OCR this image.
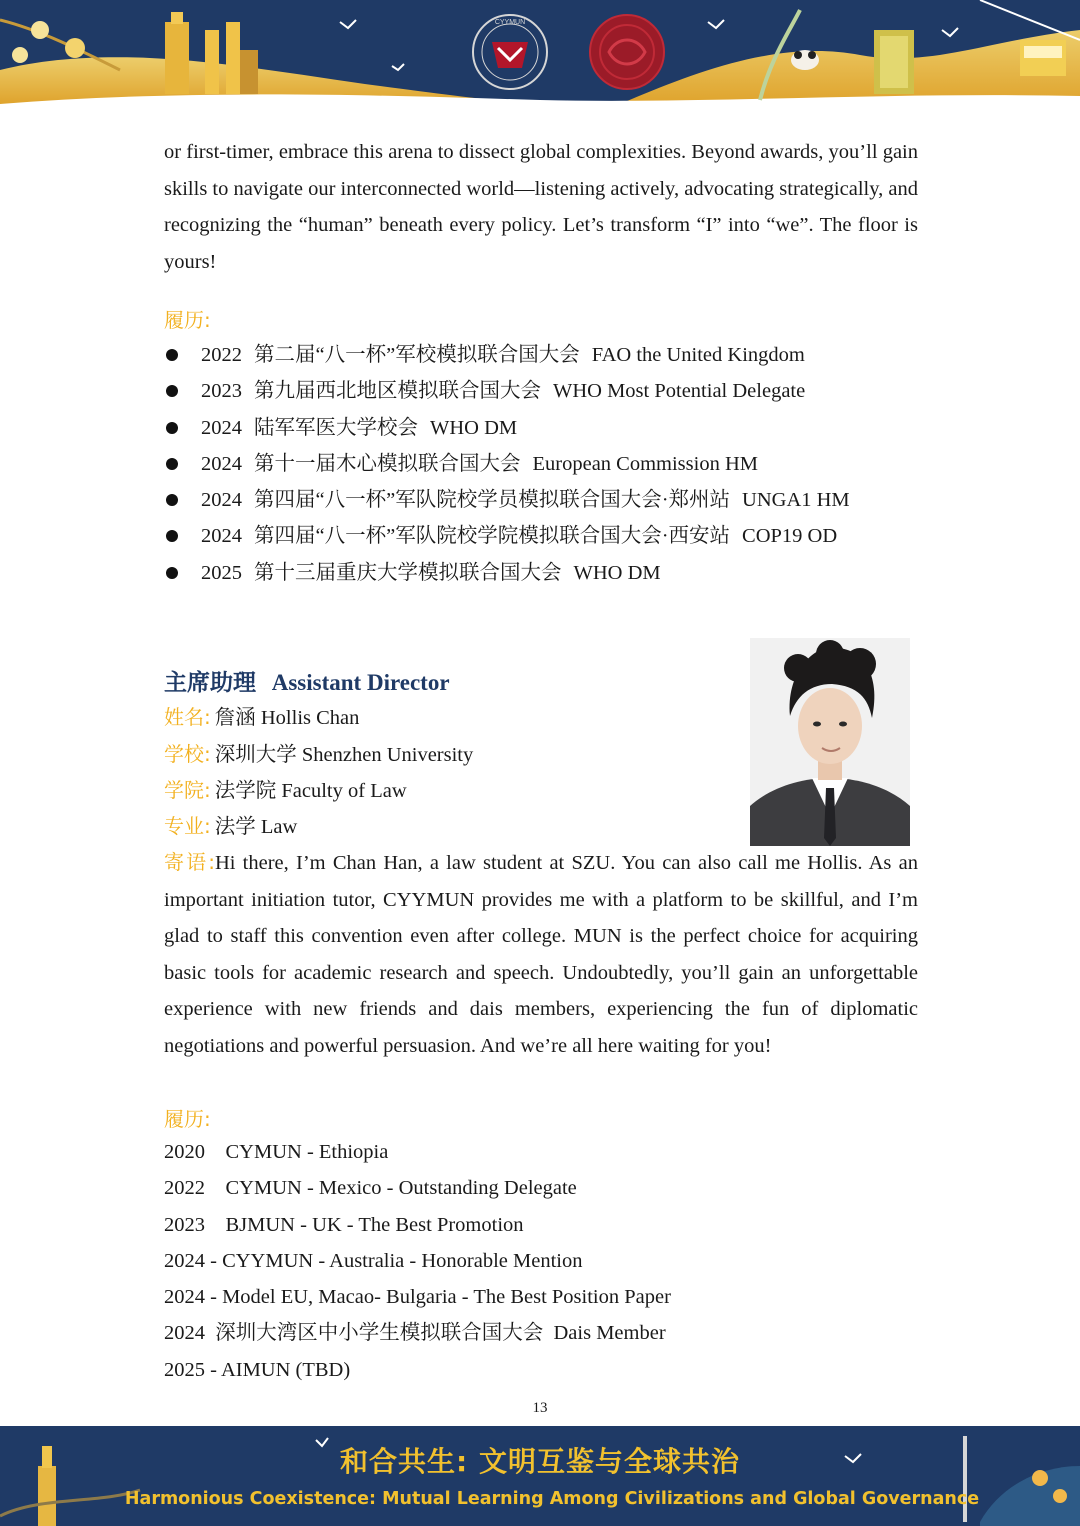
CYYMUN

or first-timer, embrace this arena to dissect global complexities. Beyond awards, you’ll gain skills to navigate our interconnected world—listening actively, advocating strategically, and recognizing the “human” beneath every policy. Let’s transform “I” into “we”. The floor is yours!

履历:
2022 第二届“八一杯”军校模拟联合国大会 FAO the United Kingdom
2023 第九届西北地区模拟联合国大会 WHO Most Potential Delegate
2024 陆军军医大学校会 WHO DM
2024 第十一届木心模拟联合国大会 European Commission HM
2024 第四届“八一杯”军队院校学员模拟联合国大会·郑州站 UNGA1 HM
2024 第四届“八一杯”军队院校学院模拟联合国大会·西安站 COP19 OD
2025 第十三届重庆大学模拟联合国大会 WHO DM
主席助理 Assistant Director
姓名: 詹涵 Hollis Chan
学校: 深圳大学 Shenzhen University
学院: 法学院 Faculty of Law
专业: 法学 Law

寄语:Hi there, I’m Chan Han, a law student at SZU. You can also call me Hollis. As an important initiation tutor, CYYMUN provides me with a platform to be skillful, and I’m glad to staff this convention even after college. MUN is the perfect choice for acquiring basic tools for academic research and speech. Undoubtedly, you’ll gain an unforgettable experience with new friends and dais members, experiencing the fun of diplomatic negotiations and powerful persuasion. And we’re all here waiting for you!

履历:
2020    CYMUN - Ethiopia
2022    CYMUN - Mexico - Outstanding Delegate
2023    BJMUN - UK - The Best Promotion
2024 - CYYMUN - Australia - Honorable Mention
2024 - Model EU, Macao- Bulgaria - The Best Position Paper
2024  深圳大湾区中小学生模拟联合国大会  Dais Member
2025 - AIMUN (TBD)
13
和合共生: 文明互鉴与全球共治
Harmonious Coexistence: Mutual Learning Among Civilizations and Global Governance
